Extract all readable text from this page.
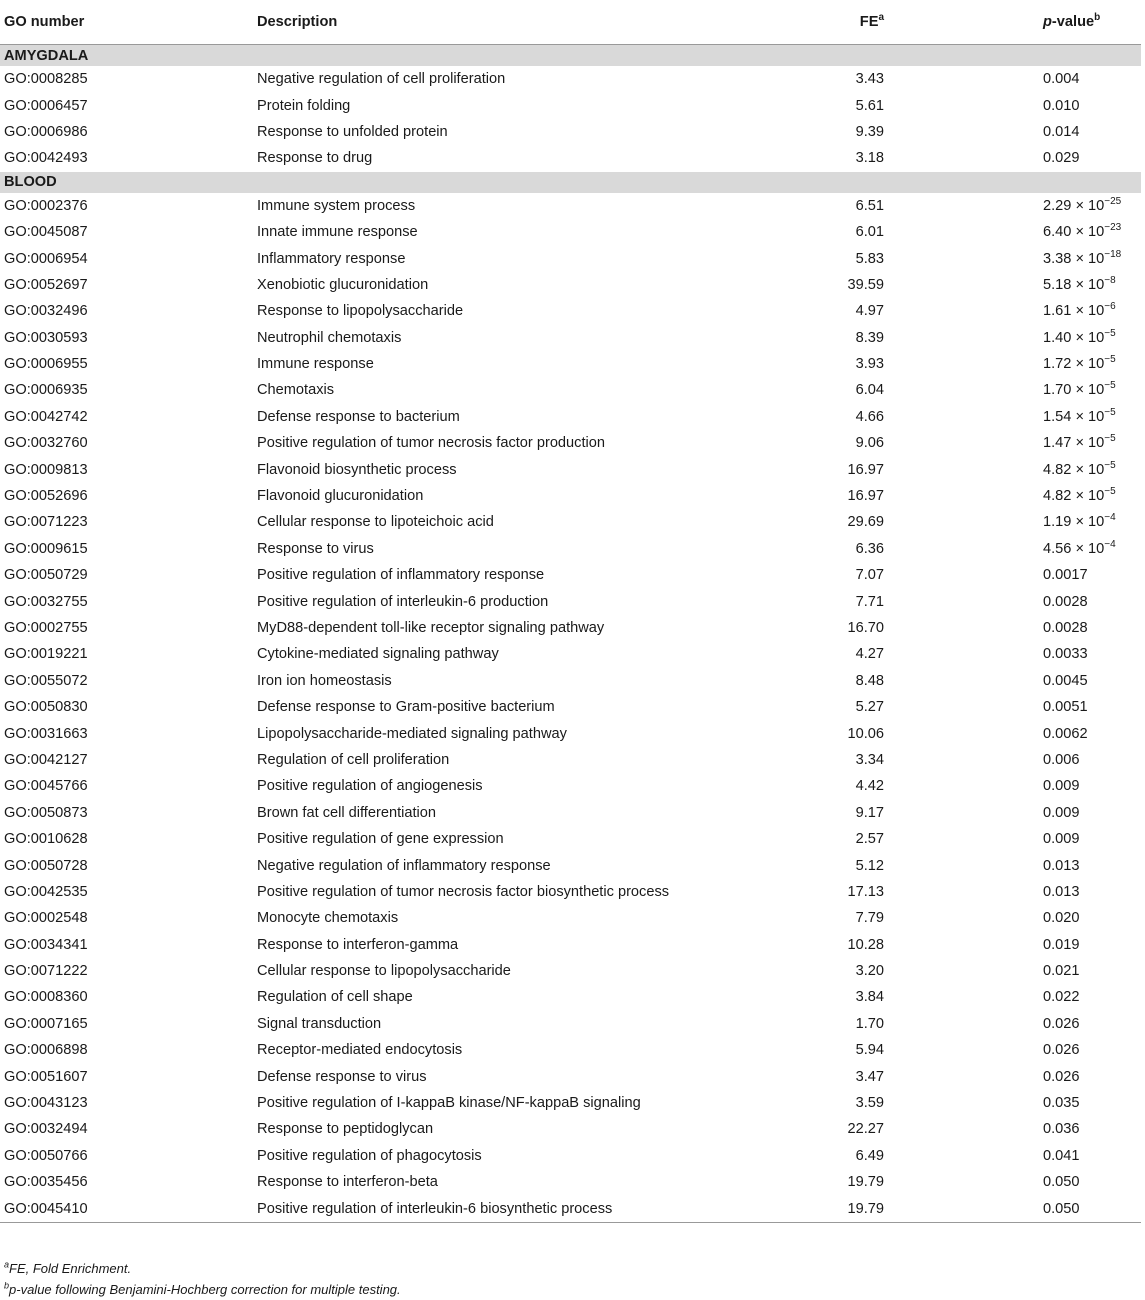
GO number	Description	$FE^a$		p-value$^b$
AMYGDALA				
GO:0008285	Negative regulation of cell proliferation	3.43		0.004
GO:0006457	Protein folding	5.61		0.010
GO:0006986	Response to unfolded protein	9.39		0.014
GO:0042493	Response to drug	3.18		0.029
BLOOD				
GO:0002376	Immune system process	6.51		$2.29 \times 10^{-25}$
GO:0045087	Innate immune response	6.01		$6.40 \times 10^{-23}$
GO:0006954	Inflammatory response	5.83		$3.38 \times 10^{-18}$
GO:0052697	Xenobiotic glucuronidation	39.59		$5.18 \times 10^{-8}$
GO:0032496	Response to lipopolysaccharide	4.97		$1.61 \times 10^{-6}$
GO:0030593	Neutrophil chemotaxis	8.39		$1.40 \times 10^{-5}$
GO:0006955	Immune response	3.93		$1.72 \times 10^{-5}$
GO:0006935	Chemotaxis	6.04		$1.70 \times 10^{-5}$
GO:0042742	Defense response to bacterium	4.66		$1.54 \times 10^{-5}$
GO:0032760	Positive regulation of tumor necrosis factor production	9.06		$1.47 \times 10^{-5}$
GO:0009813	Flavonoid biosynthetic process	16.97		$4.82 \times 10^{-5}$
GO:0052696	Flavonoid glucuronidation	16.97		$4.82 \times 10^{-5}$
GO:0071223	Cellular response to lipoteichoic acid	29.69		$1.19 \times 10^{-4}$
GO:0009615	Response to virus	6.36		$4.56 \times 10^{-4}$
GO:0050729	Positive regulation of inflammatory response	7.07		0.0017
GO:0032755	Positive regulation of interleukin-6 production	7.71		0.0028
GO:0002755	MyD88-dependent toll-like receptor signaling pathway	16.70		0.0028
GO:0019221	Cytokine-mediated signaling pathway	4.27		0.0033
GO:0055072	Iron ion homeostasis	8.48		0.0045
GO:0050830	Defense response to Gram-positive bacterium	5.27		0.0051
GO:0031663	Lipopolysaccharide-mediated signaling pathway	10.06		0.0062
GO:0042127	Regulation of cell proliferation	3.34		0.006
GO:0045766	Positive regulation of angiogenesis	4.42		0.009
GO:0050873	Brown fat cell differentiation	9.17		0.009
GO:0010628	Positive regulation of gene expression	2.57		0.009
GO:0050728	Negative regulation of inflammatory response	5.12		0.013
GO:0042535	Positive regulation of tumor necrosis factor biosynthetic process	17.13		0.013
GO:0002548	Monocyte chemotaxis	7.79		0.020
GO:0034341	Response to interferon-gamma	10.28		0.019
GO:0071222	Cellular response to lipopolysaccharide	3.20		0.021
GO:0008360	Regulation of cell shape	3.84		0.022
GO:0007165	Signal transduction	1.70		0.026
GO:0006898	Receptor-mediated endocytosis	5.94		0.026
GO:0051607	Defense response to virus	3.47		0.026
GO:0043123	Positive regulation of I-kappaB kinase/NF-kappaB signaling	3.59		0.035
GO:0032494	Response to peptidoglycan	22.27		0.036
GO:0050766	Positive regulation of phagocytosis	6.49		0.041
GO:0035456	Response to interferon-beta	19.79		0.050
GO:0045410	Positive regulation of interleukin-6 biosynthetic process	19.79		0.050
$^a$FE, Fold Enrichment.
$^b$p-value following Benjamini-Hochberg correction for multiple testing.
